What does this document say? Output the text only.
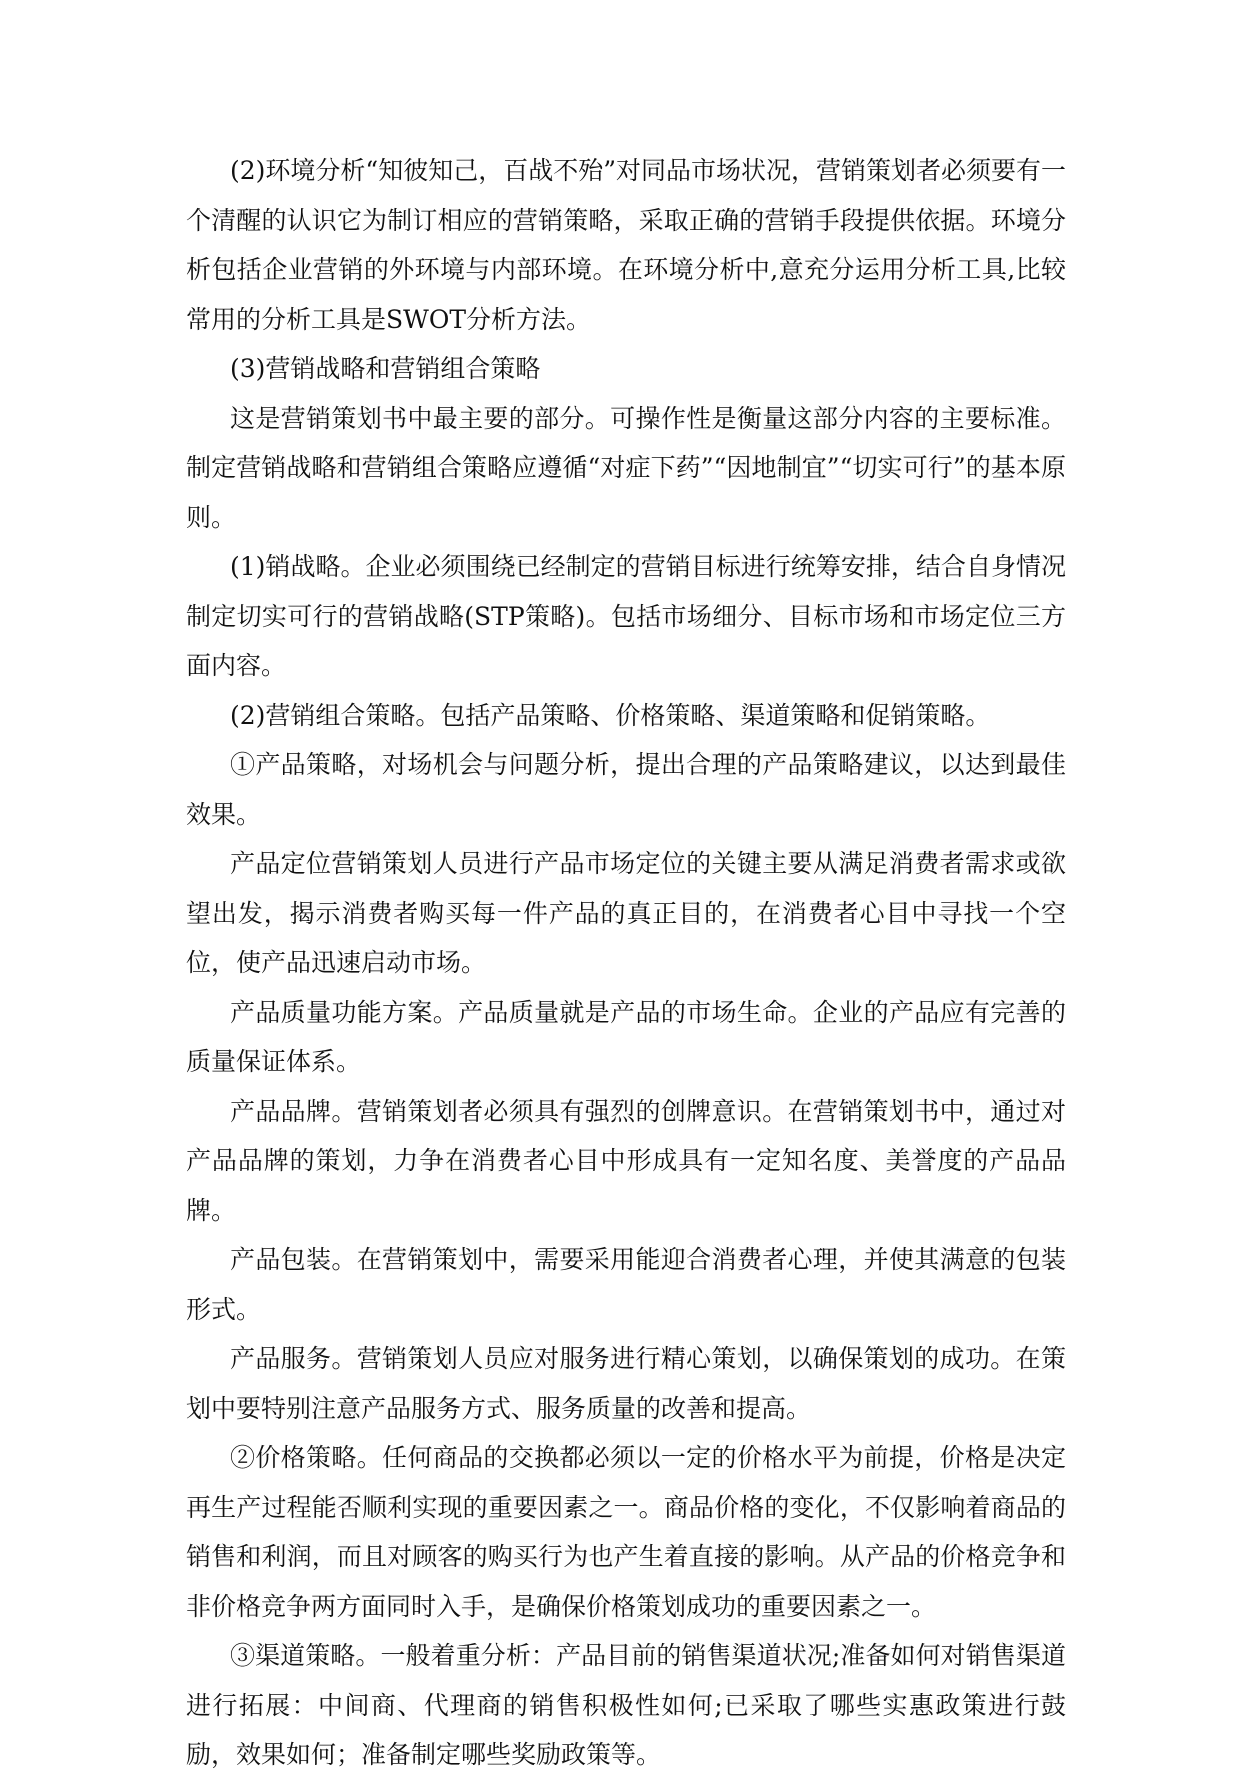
(2)环境分析“知彼知己，百战不殆”对同品市场状况，营销策划者必须要有一个清醒的认识它为制订相应的营销策略，采取正确的营销手段提供依据。环境分析包括企业营销的外环境与内部环境。在环境分析中,意充分运用分析工具,比较常用的分析工具是SWOT分析方法。

(3)营销战略和营销组合策略

这是营销策划书中最主要的部分。可操作性是衡量这部分内容的主要标准。制定营销战略和营销组合策略应遵循“对症下药”“因地制宜”“切实可行”的基本原则。

(1)销战略。企业必须围绕已经制定的营销目标进行统筹安排，结合自身情况制定切实可行的营销战略(STP策略)。包括市场细分、目标市场和市场定位三方面内容。

(2)营销组合策略。包括产品策略、价格策略、渠道策略和促销策略。

①产品策略，对场机会与问题分析，提出合理的产品策略建议，以达到最佳效果。

产品定位营销策划人员进行产品市场定位的关键主要从满足消费者需求或欲望出发，揭示消费者购买每一件产品的真正目的，在消费者心目中寻找一个空位，使产品迅速启动市场。

产品质量功能方案。产品质量就是产品的市场生命。企业的产品应有完善的质量保证体系。

产品品牌。营销策划者必须具有强烈的创牌意识。在营销策划书中，通过对产品品牌的策划，力争在消费者心目中形成具有一定知名度、美誉度的产品品牌。

产品包装。在营销策划中，需要采用能迎合消费者心理，并使其满意的包装形式。

产品服务。营销策划人员应对服务进行精心策划，以确保策划的成功。在策划中要特别注意产品服务方式、服务质量的改善和提高。

②价格策略。任何商品的交换都必须以一定的价格水平为前提，价格是决定再生产过程能否顺利实现的重要因素之一。商品价格的变化，不仅影响着商品的销售和利润，而且对顾客的购买行为也产生着直接的影响。从产品的价格竞争和非价格竞争两方面同时入手，是确保价格策划成功的重要因素之一。

③渠道策略。一般着重分析：产品目前的销售渠道状况;准备如何对销售渠道进行拓展：中间商、代理商的销售积极性如何;已采取了哪些实惠政策进行鼓励，效果如何；准备制定哪些奖励政策等。
